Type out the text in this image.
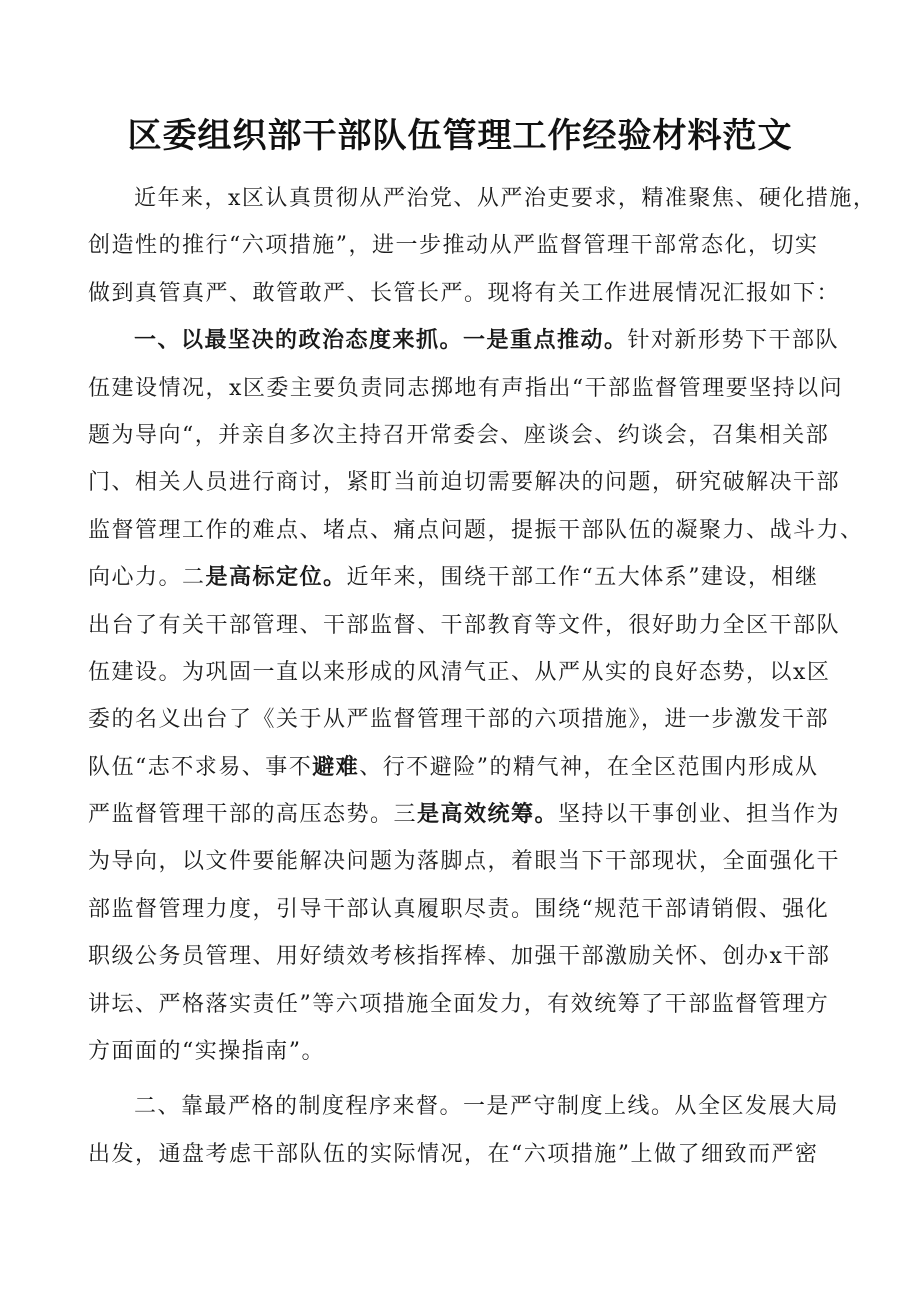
区委组织部干部队伍管理工作经验材料范文
近年来，x区认真贯彻从严治党、从严治吏要求，精准聚焦、硬化措施，
创造性的推行“六项措施”，进一步推动从严监督管理干部常态化，切实
做到真管真严、敢管敢严、长管长严。现将有关工作进展情况汇报如下：
一、以最坚决的政治态度来抓。一是重点推动。针对新形势下干部队
伍建设情况，x区委主要负责同志掷地有声指出“干部监督管理要坚持以问
题为导向“，并亲自多次主持召开常委会、座谈会、约谈会，召集相关部
门、相关人员进行商讨，紧盯当前迫切需要解决的问题，研究破解决干部
监督管理工作的难点、堵点、痛点问题，提振干部队伍的凝聚力、战斗力、
向心力。二是高标定位。近年来，围绕干部工作“五大体系”建设，相继
出台了有关干部管理、干部监督、干部教育等文件，很好助力全区干部队
伍建设。为巩固一直以来形成的风清气正、从严从实的良好态势，以x区
委的名义出台了《关于从严监督管理干部的六项措施》，进一步激发干部
队伍“志不求易、事不避难、行不避险”的精气神，在全区范围内形成从
严监督管理干部的高压态势。三是高效统筹。坚持以干事创业、担当作为
为导向，以文件要能解决问题为落脚点，着眼当下干部现状，全面强化干
部监督管理力度，引导干部认真履职尽责。围绕“规范干部请销假、强化
职级公务员管理、用好绩效考核指挥棒、加强干部激励关怀、创办x干部
讲坛、严格落实责任”等六项措施全面发力，有效统筹了干部监督管理方
方面面的“实操指南”。
二、靠最严格的制度程序来督。一是严守制度上线。从全区发展大局
出发，通盘考虑干部队伍的实际情况，在“六项措施”上做了细致而严密
